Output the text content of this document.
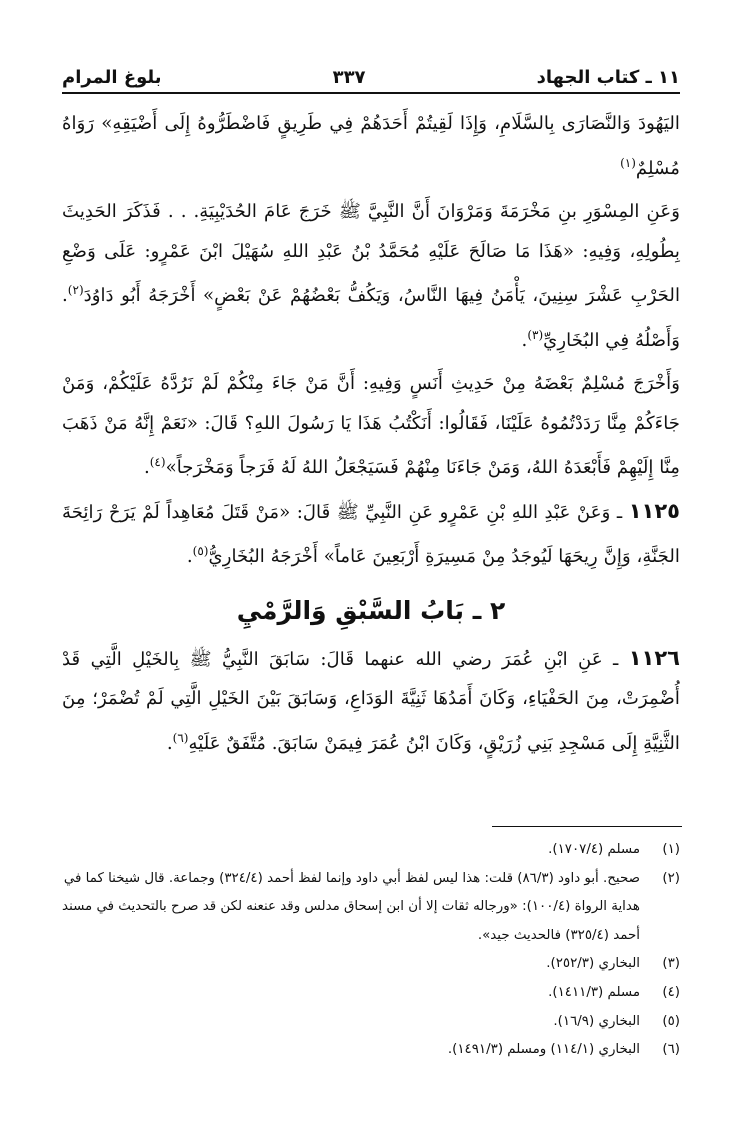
١١ ـ كتاب الجهاد
٣٣٧
بلوغ المرام

اليَهُودَ وَالنَّصَارَى بِالسَّلَامِ، وَإِذَا لَقِيتُمْ أَحَدَهُمْ فِي طَرِيقٍ فَاضْطَرُّوهُ إِلَى أَضْيَقِهِ» رَوَاهُ مُسْلِمٌ$^{(١)}$

وَعَنِ المِسْوَرِ بنِ مَخْرَمَةَ وَمَرْوَانَ أَنَّ النَّبِيَّ ﷺ خَرَجَ عَامَ الحُدَيْبِيَةِ. . . فَذَكَرَ الحَدِيثَ بِطُولِهِ، وَفِيهِ: «هَذَا مَا صَالَحَ عَلَيْهِ مُحَمَّدُ بْنُ عَبْدِ اللهِ سُهَيْلَ ابْنَ عَمْرٍو: عَلَى وَضْعِ الحَرْبِ عَشْرَ سِنِينَ، يَأْمَنُ فِيهَا النَّاسُ، وَيَكُفُّ بَعْضُهُمْ عَنْ بَعْضٍ» أَخْرَجَهُ أَبُو دَاوُدَ$^{(٢)}$. وَأَصْلُهُ فِي البُخَارِيِّ$^{(٣)}$.

وَأَخْرَجَ مُسْلِمٌ بَعْضَهُ مِنْ حَدِيثِ أَنَسٍ وَفِيهِ: أَنَّ مَنْ جَاءَ مِنْكُمْ لَمْ نَرُدَّهُ عَلَيْكُمْ، وَمَنْ جَاءَكُمْ مِنَّا رَدَدْتُمُوهُ عَلَيْنَا، فَقَالُوا: أَنَكْتُبُ هَذَا يَا رَسُولَ اللهِ؟ قَالَ: «نَعَمْ إِنَّهُ مَنْ ذَهَبَ مِنَّا إِلَيْهِمْ فَأَبْعَدَهُ اللهُ، وَمَنْ جَاءَنَا مِنْهُمْ فَسَيَجْعَلُ اللهُ لَهُ فَرَجاً وَمَخْرَجاً»$^{(٤)}$.

١١٢٥ ـ وَعَنْ عَبْدِ اللهِ بْنِ عَمْرٍو عَنِ النَّبِيِّ ﷺ قَالَ: «مَنْ قَتَلَ مُعَاهِداً لَمْ يَرَحْ رَائِحَةَ الجَنَّةِ، وَإِنَّ رِيحَهَا لَيُوجَدُ مِنْ مَسِيرَةِ أَرْبَعِينَ عَاماً» أَخْرَجَهُ البُخَارِيُّ$^{(٥)}$.

٢ ـ بَابُ السَّبْقِ وَالرَّمْيِ

١١٢٦ ـ عَنِ ابْنِ عُمَرَ رضي الله عنهما قَالَ: سَابَقَ النَّبِيُّ ﷺ بِالخَيْلِ الَّتِي قَدْ أُضْمِرَتْ، مِنَ الحَفْيَاءِ، وَكَانَ أَمَدُهَا ثَنِيَّةَ الوَدَاعِ، وَسَابَقَ بَيْنَ الخَيْلِ الَّتِي لَمْ تُضْمَرْ؛ مِنَ الثَّنِيَّةِ إِلَى مَسْجِدِ بَنِي زُرَيْقٍ، وَكَانَ ابْنُ عُمَرَ فِيمَنْ سَابَقَ. مُتَّفَقٌ عَلَيْهِ$^{(٦)}$.

(١)
مسلم (١٧٠٧/٤).
(٢)
صحيح. أبو داود (٨٦/٣) قلت: هذا ليس لفظ أبي داود وإنما لفظ أحمد (٣٢٤/٤) وجماعة. قال شيخنا كما في هداية الرواة (١٠٠/٤): «ورجاله ثقات إلا أن ابن إسحاق مدلس وقد عنعنه لكن قد صرح بالتحديث في مسند أحمد (٣٢٥/٤) فالحديث جيد».
(٣)
البخاري (٢٥٢/٣).
(٤)
مسلم (١٤١١/٣).
(٥)
البخاري (١٦/٩).
(٦)
البخاري (١١٤/١) ومسلم (١٤٩١/٣).
